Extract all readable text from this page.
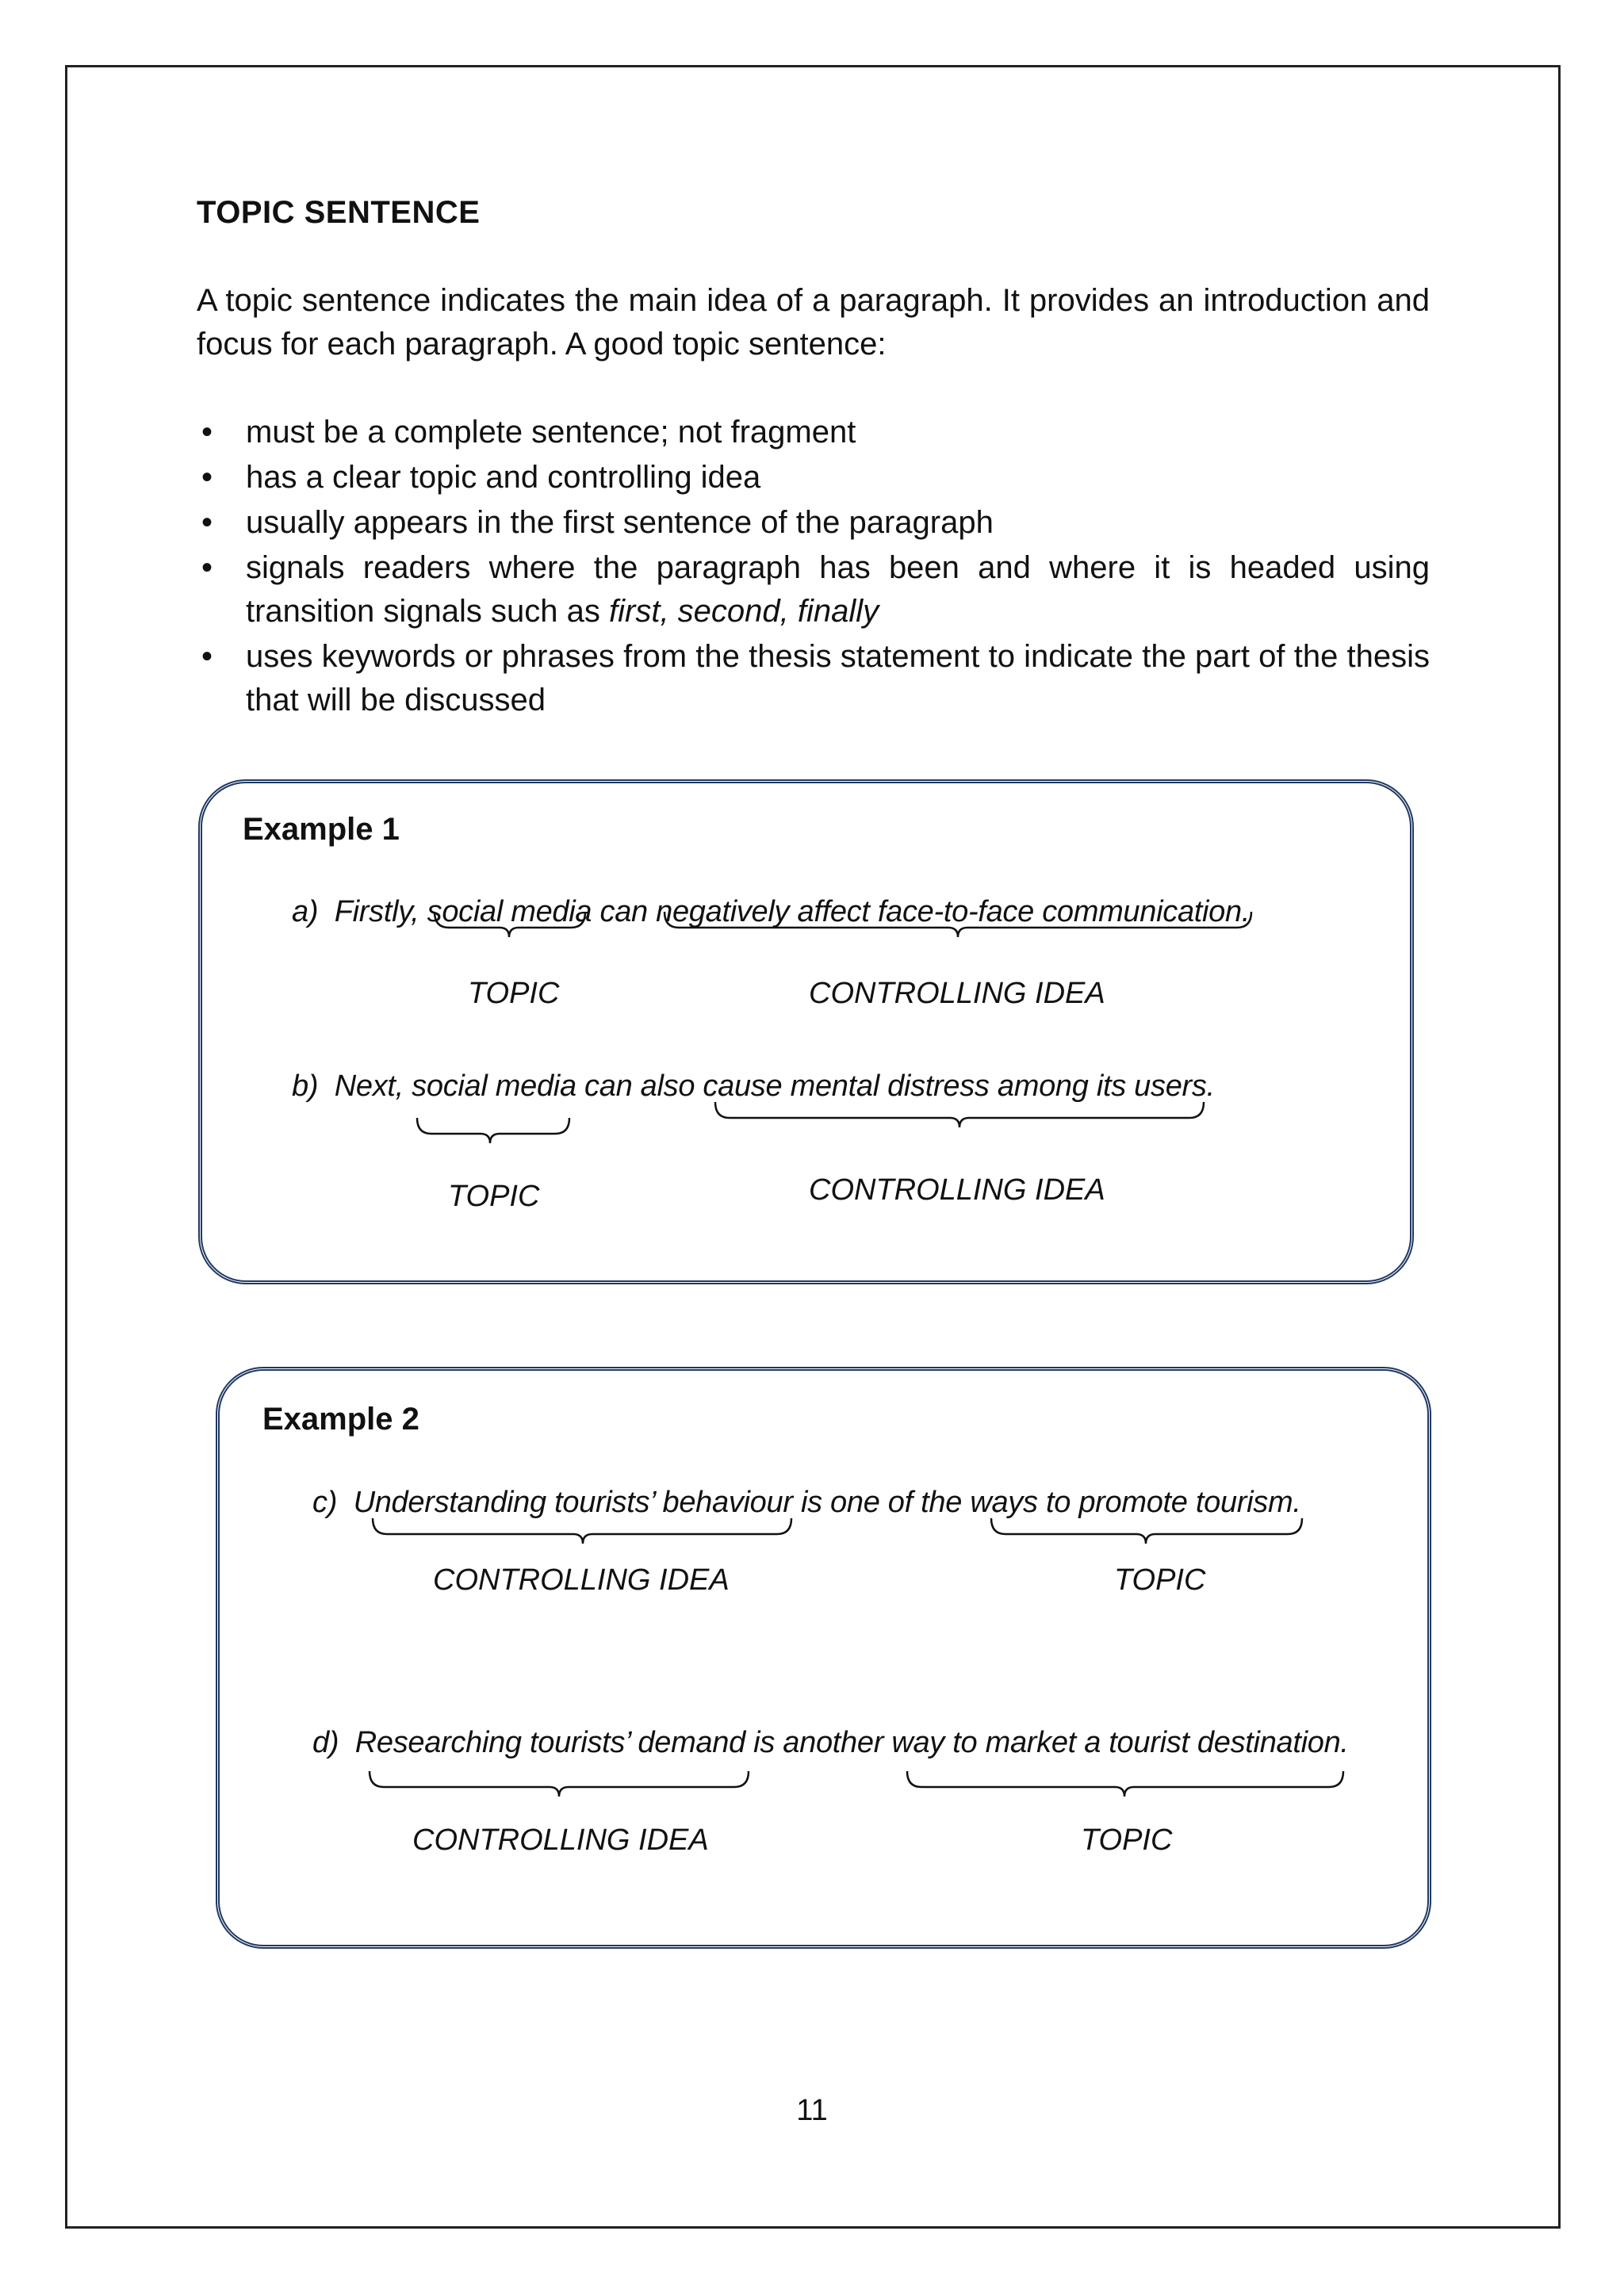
TOPIC SENTENCE
A topic sentence indicates the main idea of a paragraph. It provides an introduction and focus for each paragraph. A good topic sentence:
• must be a complete sentence; not fragment
• has a clear topic and controlling idea
• usually appears in the first sentence of the paragraph
• signals readers where the paragraph has been and where it is headed using transition signals such as first, second, finally
• uses keywords or phrases from the thesis statement to indicate the part of the thesis that will be discussed
Example 1
a) Firstly, social media can negatively affect face-to-face communication.
TOPIC	CONTROLLING IDEA
b) Next, social media can also cause mental distress among its users.
TOPIC	CONTROLLING IDEA
Example 2
c) Understanding tourists’ behaviour is one of the ways to promote tourism.
CONTROLLING IDEA	TOPIC
d) Researching tourists’ demand is another way to market a tourist destination.
CONTROLLING IDEA	TOPIC
11
